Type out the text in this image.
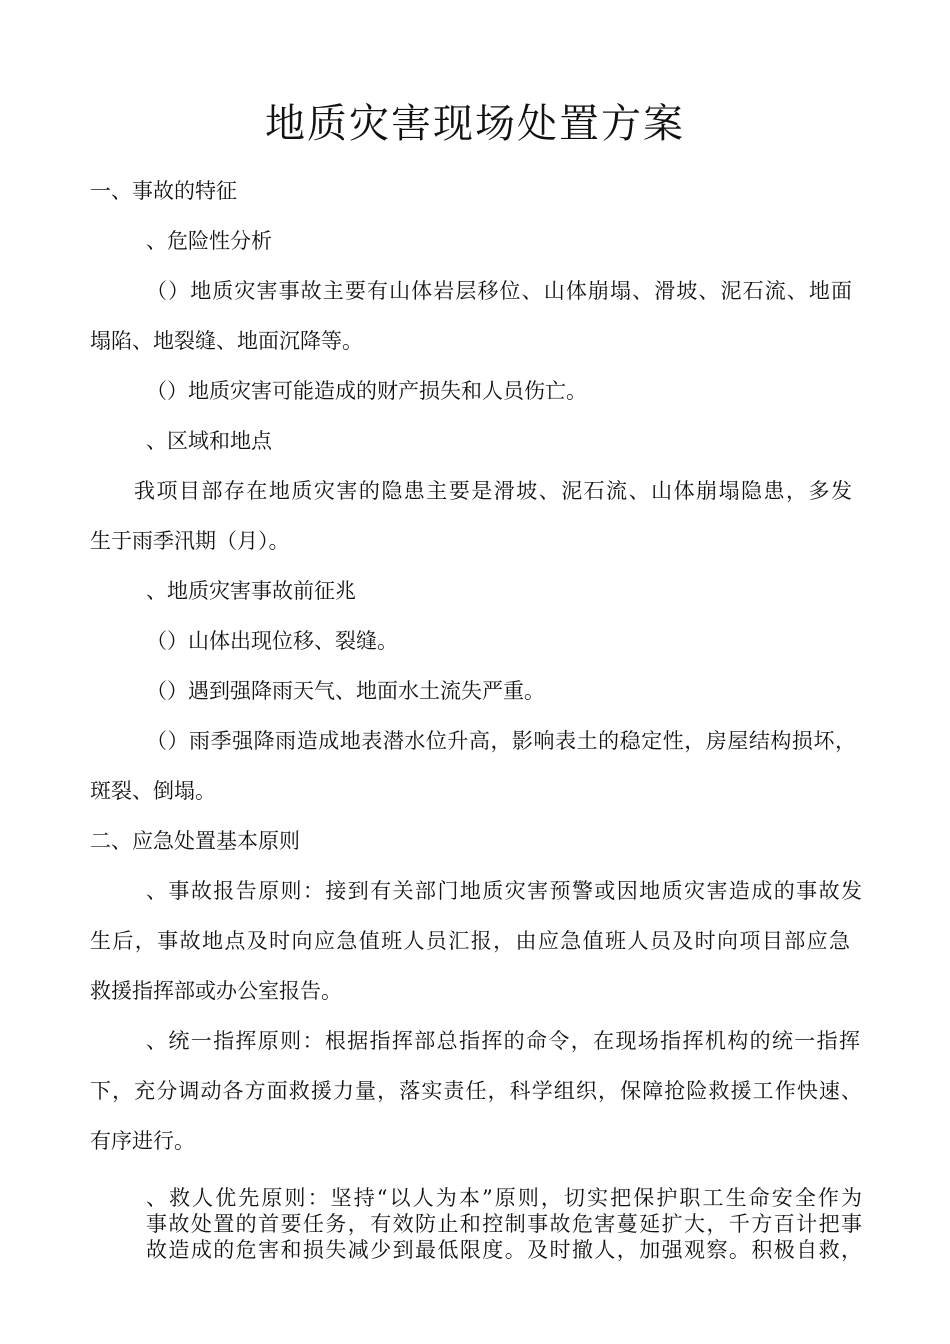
地质灾害现场处置方案
一、事故的特征
、危险性分析
（）地质灾害事故主要有山体岩层移位、山体崩塌、滑坡、泥石流、地面
塌陷、地裂缝、地面沉降等。
（）地质灾害可能造成的财产损失和人员伤亡。
、区域和地点
我项目部存在地质灾害的隐患主要是滑坡、泥石流、山体崩塌隐患，多发
生于雨季汛期（月）。
、地质灾害事故前征兆
（）山体出现位移、裂缝。
（）遇到强降雨天气、地面水土流失严重。
（）雨季强降雨造成地表潜水位升高，影响表土的稳定性，房屋结构损坏，
斑裂、倒塌。
二、应急处置基本原则
、事故报告原则：接到有关部门地质灾害预警或因地质灾害造成的事故发
生后，事故地点及时向应急值班人员汇报，由应急值班人员及时向项目部应急
救援指挥部或办公室报告。
、统一指挥原则：根据指挥部总指挥的命令，在现场指挥机构的统一指挥
下，充分调动各方面救援力量，落实责任，科学组织，保障抢险救援工作快速、
有序进行。
、救人优先原则：坚持“以人为本”原则，切实把保护职工生命安全作为
事故处置的首要任务，有效防止和控制事故危害蔓延扩大，千方百计把事
故造成的危害和损失减少到最低限度。及时撤人，加强观察。积极自救，
